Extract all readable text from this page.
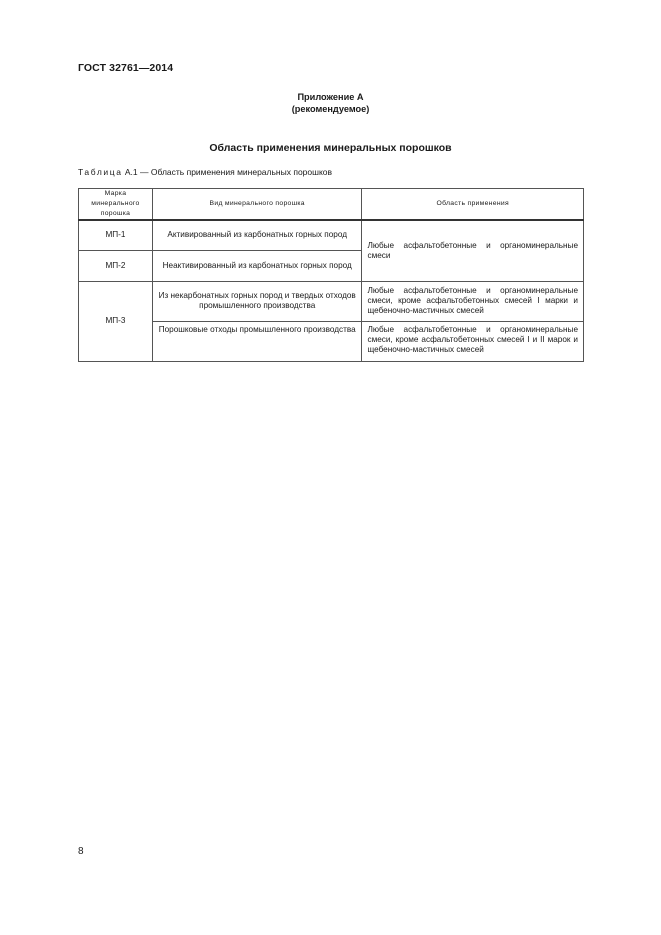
ГОСТ 32761—2014
Приложение А
(рекомендуемое)
Область применения минеральных порошков
Таблица А.1 — Область применения минеральных порошков
Марка минерального порошка	Вид минерального порошка	Область применения
МП-1	Активированный из карбонатных горных пород	Любые асфальтобетонные и органоминеральные смеси
МП-2	Неактивированный из карбонатных горных пород	
МП-3	Из некарбонатных горных пород и твердых отходов промышленного производства	Любые асфальтобетонные и органоминеральные смеси, кроме асфальтобетонных смесей I марки и щебеночно-мастичных смесей
	Порошковые отходы промышленного производства	Любые асфальтобетонные и органоминеральные смеси, кроме асфальтобетонных смесей I и II марок и щебеночно-мастичных смесей
8
